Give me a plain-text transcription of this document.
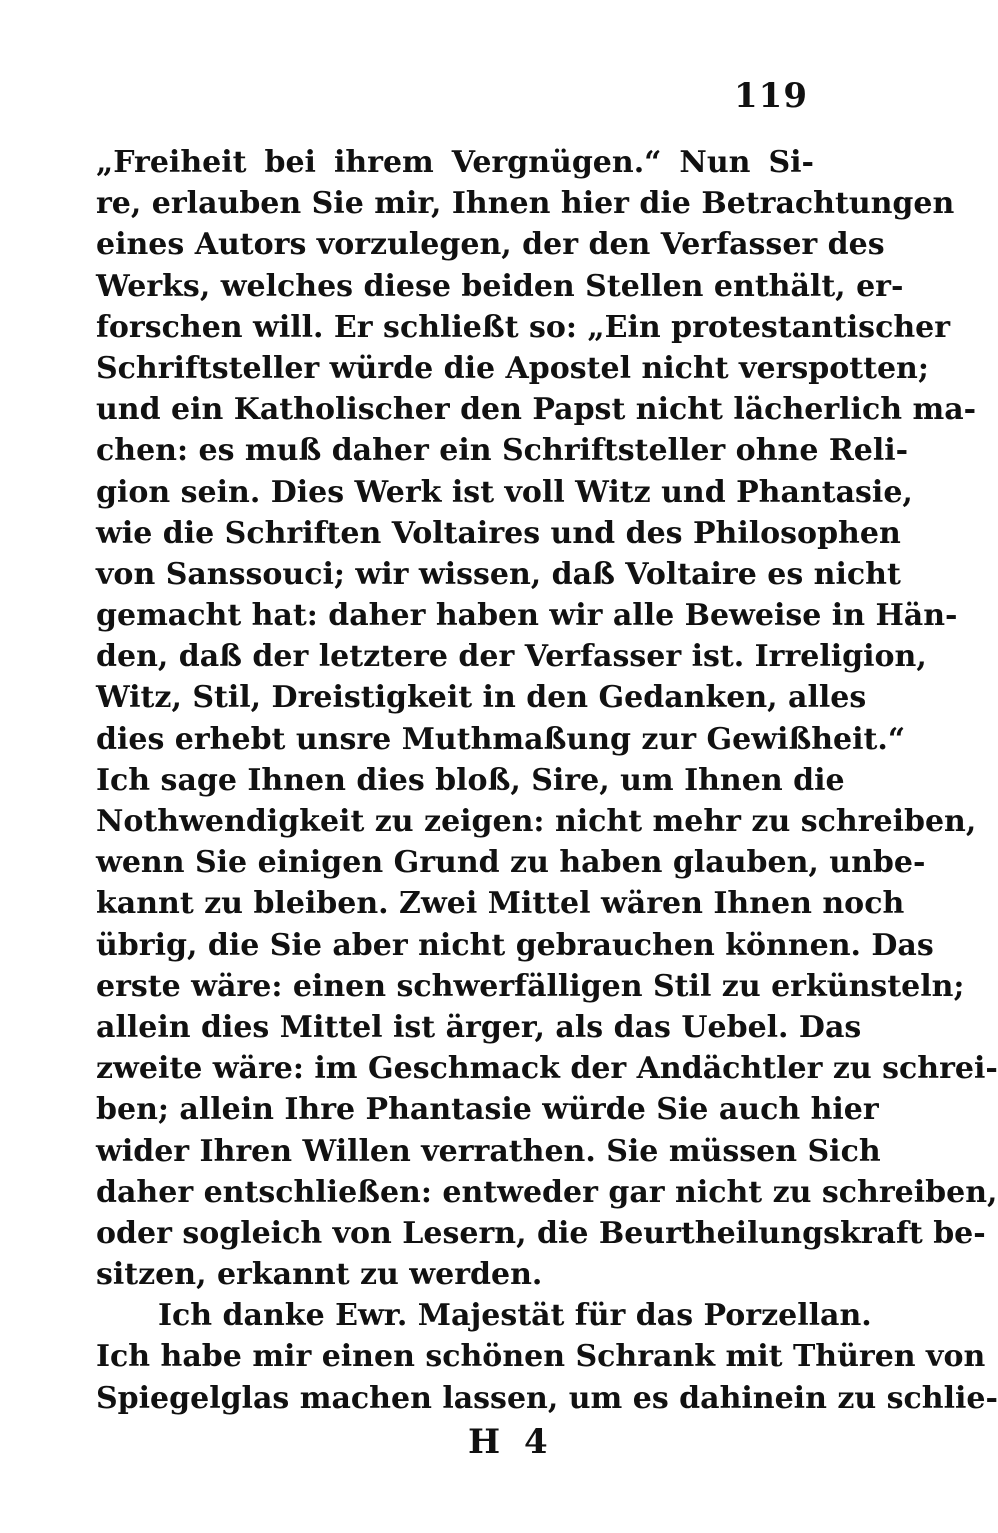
119
„Freiheit bei ihrem Vergnügen.“ Nun Si-
re, erlauben Sie mir, Ihnen hier die Betrachtungen
eines Autors vorzulegen, der den Verfasser des
Werks, welches diese beiden Stellen enthält, er-
forschen will. Er schließt so: „Ein protestantischer
Schriftsteller würde die Apostel nicht verspotten;
und ein Katholischer den Papst nicht lächerlich ma-
chen: es muß daher ein Schriftsteller ohne Reli-
gion sein. Dies Werk ist voll Witz und Phantasie,
wie die Schriften Voltaires und des Philosophen
von Sanssouci; wir wissen, daß Voltaire es nicht
gemacht hat: daher haben wir alle Beweise in Hän-
den, daß der letztere der Verfasser ist. Irreligion,
Witz, Stil, Dreistigkeit in den Gedanken, alles
dies erhebt unsre Muthmaßung zur Gewißheit.“
Ich sage Ihnen dies bloß, Sire, um Ihnen die
Nothwendigkeit zu zeigen: nicht mehr zu schreiben,
wenn Sie einigen Grund zu haben glauben, unbe-
kannt zu bleiben. Zwei Mittel wären Ihnen noch
übrig, die Sie aber nicht gebrauchen können. Das
erste wäre: einen schwerfälligen Stil zu erkünsteln;
allein dies Mittel ist ärger, als das Uebel. Das
zweite wäre: im Geschmack der Andächtler zu schrei-
ben; allein Ihre Phantasie würde Sie auch hier
wider Ihren Willen verrathen. Sie müssen Sich
daher entschließen: entweder gar nicht zu schreiben,
oder sogleich von Lesern, die Beurtheilungskraft be-
sitzen, erkannt zu werden.
Ich danke Ewr. Majestät für das Porzellan.
Ich habe mir einen schönen Schrank mit Thüren von
Spiegelglas machen lassen, um es dahinein zu schlie-
H 4
